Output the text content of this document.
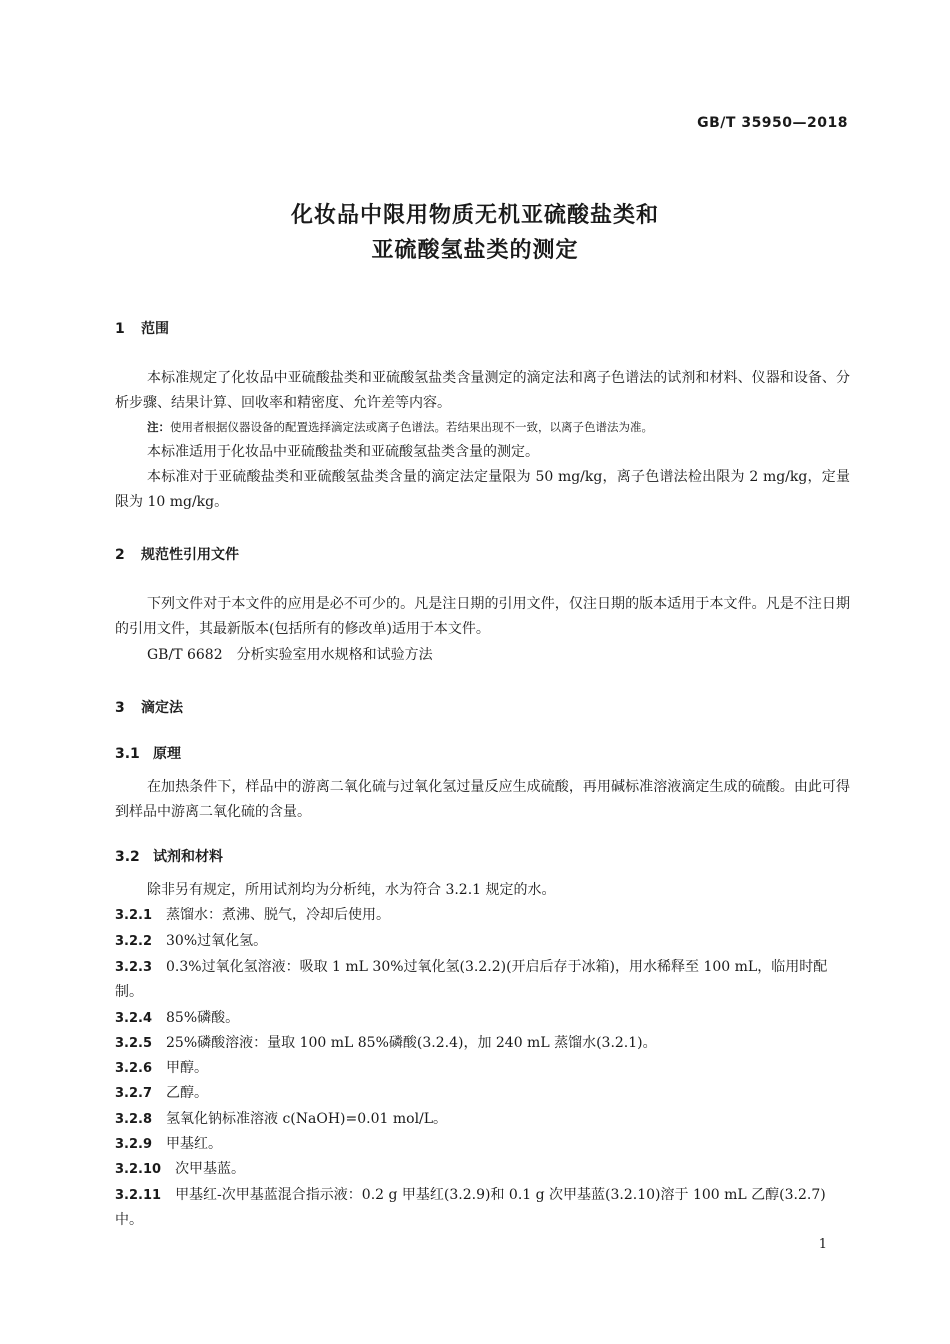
GB/T 35950—2018
化妆品中限用物质无机亚硫酸盐类和
亚硫酸氢盐类的测定
1 范围
本标准规定了化妆品中亚硫酸盐类和亚硫酸氢盐类含量测定的滴定法和离子色谱法的试剂和材料、仪器和设备、分析步骤、结果计算、回收率和精密度、允许差等内容。
注：使用者根据仪器设备的配置选择滴定法或离子色谱法。若结果出现不一致，以离子色谱法为准。
本标准适用于化妆品中亚硫酸盐类和亚硫酸氢盐类含量的测定。
本标准对于亚硫酸盐类和亚硫酸氢盐类含量的滴定法定量限为 50 mg/kg，离子色谱法检出限为 2 mg/kg，定量限为 10 mg/kg。
2 规范性引用文件
下列文件对于本文件的应用是必不可少的。凡是注日期的引用文件，仅注日期的版本适用于本文件。凡是不注日期的引用文件，其最新版本(包括所有的修改单)适用于本文件。
GB/T 6682　分析实验室用水规格和试验方法
3 滴定法
3.1 原理
在加热条件下，样品中的游离二氧化硫与过氧化氢过量反应生成硫酸，再用碱标准溶液滴定生成的硫酸。由此可得到样品中游离二氧化硫的含量。
3.2 试剂和材料
除非另有规定，所用试剂均为分析纯，水为符合 3.2.1 规定的水。
3.2.1 蒸馏水：煮沸、脱气，冷却后使用。
3.2.2 30%过氧化氢。
3.2.3 0.3%过氧化氢溶液：吸取 1 mL 30%过氧化氢(3.2.2)(开启后存于冰箱)，用水稀释至 100 mL，临用时配制。
3.2.4 85%磷酸。
3.2.5 25%磷酸溶液：量取 100 mL 85%磷酸(3.2.4)，加 240 mL 蒸馏水(3.2.1)。
3.2.6 甲醇。
3.2.7 乙醇。
3.2.8 氢氧化钠标准溶液 c(NaOH)=0.01 mol/L。
3.2.9 甲基红。
3.2.10 次甲基蓝。
3.2.11 甲基红-次甲基蓝混合指示液：0.2 g 甲基红(3.2.9)和 0.1 g 次甲基蓝(3.2.10)溶于 100 mL 乙醇(3.2.7)中。
1
